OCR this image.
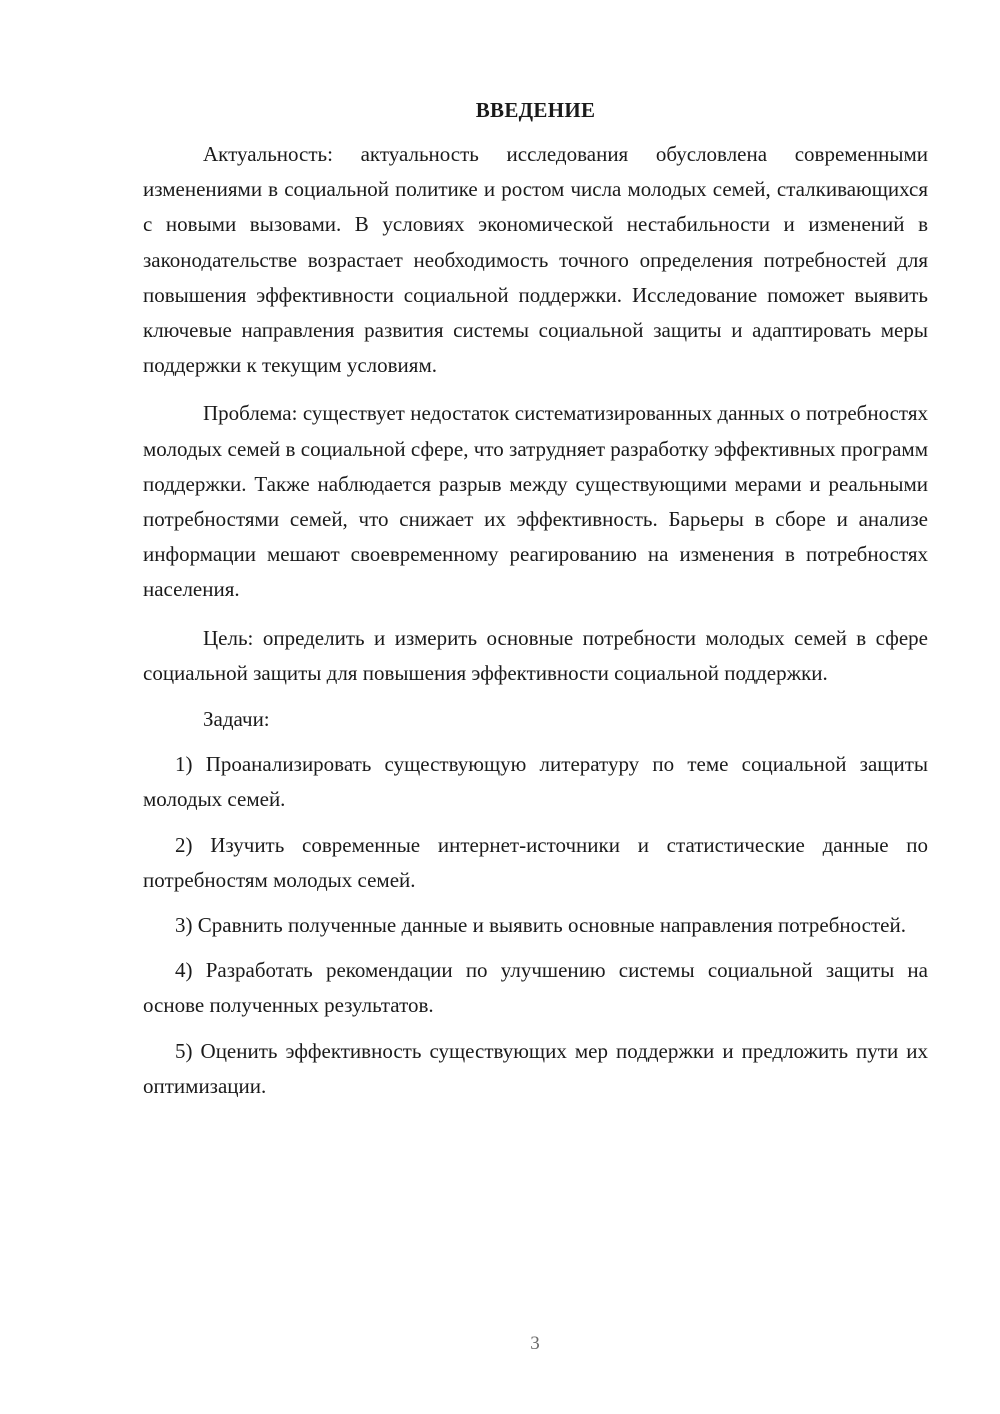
ВВЕДЕНИЕ

Актуальность: актуальность исследования обусловлена современными изменениями в социальной политике и ростом числа молодых семей, сталкивающихся с новыми вызовами. В условиях экономической нестабильности и изменений в законодательстве возрастает необходимость точного определения потребностей для повышения эффективности социальной поддержки. Исследование поможет выявить ключевые направления развития системы социальной защиты и адаптировать меры поддержки к текущим условиям.

Проблема: существует недостаток систематизированных данных о потребностях молодых семей в социальной сфере, что затрудняет разработку эффективных программ поддержки. Также наблюдается разрыв между существующими мерами и реальными потребностями семей, что снижает их эффективность. Барьеры в сборе и анализе информации мешают своевременному реагированию на изменения в потребностях населения.

Цель: определить и измерить основные потребности молодых семей в сфере социальной защиты для повышения эффективности социальной поддержки.

Задачи:

1) Проанализировать существующую литературу по теме социальной защиты молодых семей.

2) Изучить современные интернет-источники и статистические данные по потребностям молодых семей.

3) Сравнить полученные данные и выявить основные направления потребностей.

4) Разработать рекомендации по улучшению системы социальной защиты на основе полученных результатов.

5) Оценить эффективность существующих мер поддержки и предложить пути их оптимизации.

3
